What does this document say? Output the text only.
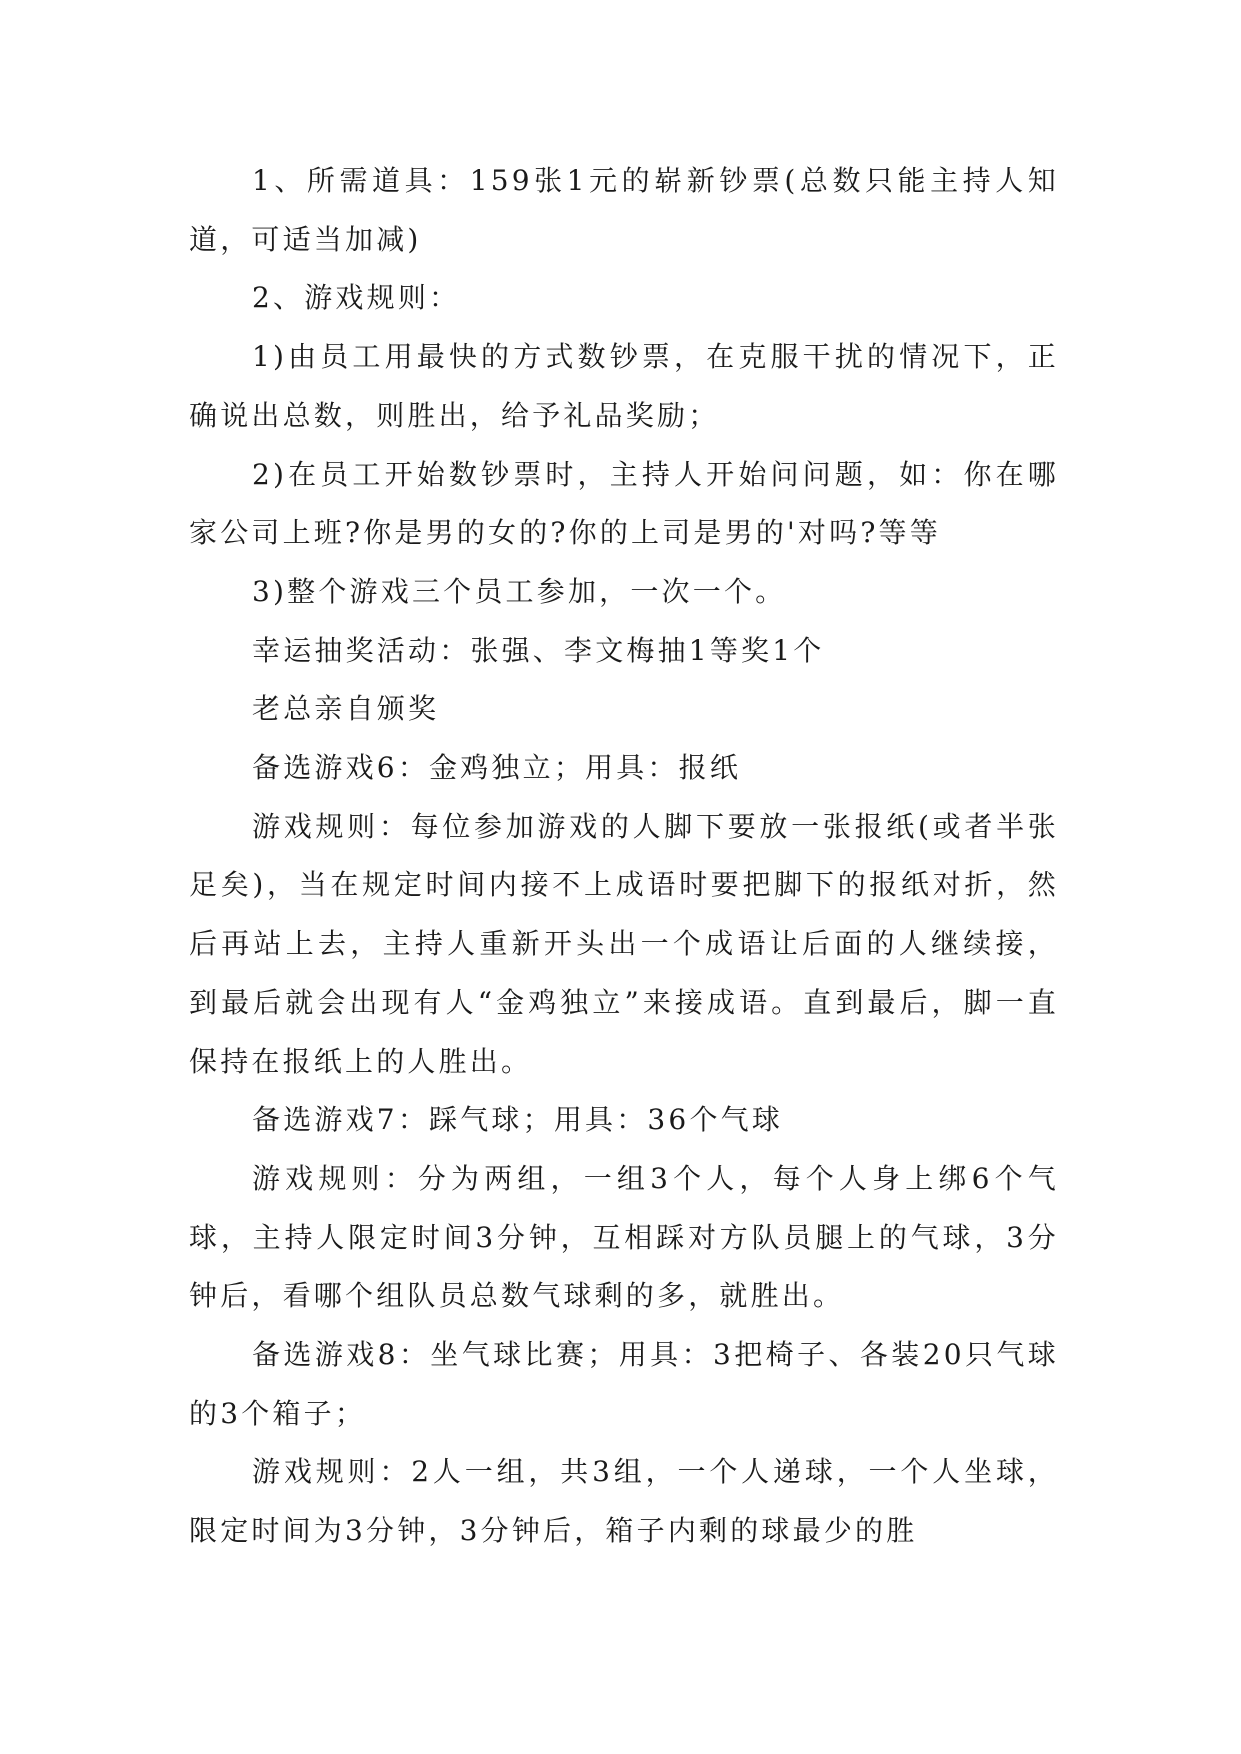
1、所需道具：159张1元的崭新钞票(总数只能主持人知道，可适当加减)

2、游戏规则：

1)由员工用最快的方式数钞票，在克服干扰的情况下，正确说出总数，则胜出，给予礼品奖励；

2)在员工开始数钞票时，主持人开始问问题，如：你在哪家公司上班?你是男的女的?你的上司是男的'对吗?等等

3)整个游戏三个员工参加，一次一个。

幸运抽奖活动：张强、李文梅抽1等奖1个

老总亲自颁奖

备选游戏6：金鸡独立；用具：报纸

游戏规则：每位参加游戏的人脚下要放一张报纸(或者半张足矣)，当在规定时间内接不上成语时要把脚下的报纸对折，然后再站上去，主持人重新开头出一个成语让后面的人继续接，到最后就会出现有人“金鸡独立”来接成语。直到最后，脚一直保持在报纸上的人胜出。

备选游戏7：踩气球；用具：36个气球

游戏规则：分为两组，一组3个人，每个人身上绑6个气球，主持人限定时间3分钟，互相踩对方队员腿上的气球，3分钟后，看哪个组队员总数气球剩的多，就胜出。

备选游戏8：坐气球比赛；用具：3把椅子、各装20只气球的3个箱子；

游戏规则：2人一组，共3组，一个人递球，一个人坐球，限定时间为3分钟，3分钟后，箱子内剩的球最少的胜
